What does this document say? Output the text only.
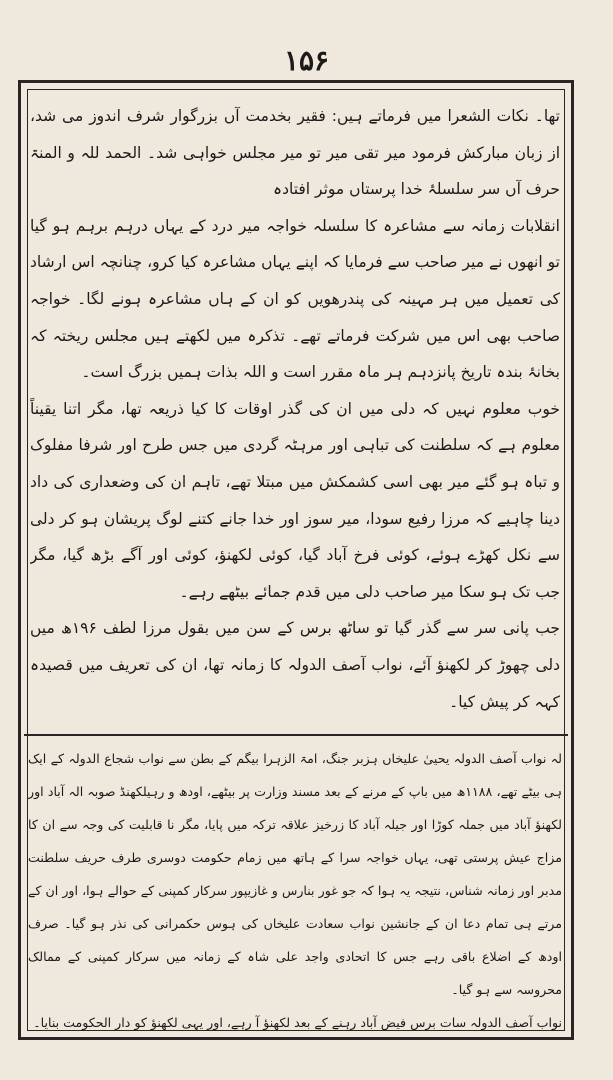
۱۵۶

تھا۔ نکات الشعرا میں فرماتے ہیں: فقیر بخدمت آں بزرگوار شرف اندوز می شد، از زبان مبارکش فرمود میر تقی میر تو میر مجلس خواہی شد۔ الحمد للہ و المنۃ حرف آں سر سلسلۂ خدا پرستاں موثر افتادہ

انقلابات زمانہ سے مشاعرہ کا سلسلہ خواجہ میر درد کے یہاں درہم برہم ہو گیا تو انھوں نے میر صاحب سے فرمایا کہ اپنے یہاں مشاعرہ کیا کرو، چنانچہ اس ارشاد کی تعمیل میں ہر مہینہ کی پندرھویں کو ان کے ہاں مشاعرہ ہونے لگا۔ خواجہ صاحب بھی اس میں شرکت فرماتے تھے۔ تذکرہ میں لکھتے ہیں مجلس ریختہ کہ بخانۂ بندہ تاریخ پانزدہم ہر ماہ مقرر است و اللہ بذات ہمیں بزرگ است۔

خوب معلوم نہیں کہ دلی میں ان کی گذر اوقات کا کیا ذریعہ تھا، مگر اتنا یقیناً معلوم ہے کہ سلطنت کی تباہی اور مرہٹہ گردی میں جس طرح اور شرفا مفلوک و تباہ ہو گئے میر بھی اسی کشمکش میں مبتلا تھے، تاہم ان کی وضعداری کی داد دینا چاہیے کہ مرزا رفیع سودا، میر سوز اور خدا جانے کتنے لوگ پریشان ہو کر دلی سے نکل کھڑے ہوئے، کوئی فرخ آباد گیا، کوئی لکھنؤ، کوئی اور آگے بڑھ گیا، مگر جب تک ہو سکا میر صاحب دلی میں قدم جمائے بیٹھے رہے۔

جب پانی سر سے گذر گیا تو ساٹھ برس کے سن میں بقول مرزا لطف ۱۹۶ھ میں دلی چھوڑ کر لکھنؤ آئے، نواب آصف الدولہ کا زمانہ تھا، ان کی تعریف میں قصیدہ کہہ کر پیش کیا۔

لہ نواب آصف الدولہ یحییٰ علیخاں ہزبر جنگ، امۃ الزہرا بیگم کے بطن سے نواب شجاع الدولہ کے ایک ہی بیٹے تھے، ۱۱۸۸ھ میں باپ کے مرنے کے بعد مسند وزارت پر بیٹھے، اودھ و رہیلکھنڈ صوبہ الہ آباد اور لکھنؤ آباد میں جملہ کوڑا اور جیلہ آباد کا زرخیز علاقہ ترکہ میں پایا، مگر نا قابلیت کی وجہ سے ان کا مزاج عیش پرستی تھی، یہاں خواجہ سرا کے ہاتھ میں زمام حکومت دوسری طرف حریف سلطنت مدبر اور زمانہ شناس، نتیجہ یہ ہوا کہ جو غور بنارس و غازیپور سرکار کمپنی کے حوالے ہوا، اور ان کے مرتے ہی تمام دعا ان کے جانشین نواب سعادت علیخاں کی ہوس حکمرانی کی نذر ہو گیا۔ صرف اودھ کے اضلاع باقی رہے جس کا اتحادی واجد علی شاہ کے زمانہ میں سرکار کمپنی کے ممالک محروسہ سے ہو گیا۔

نواب آصف الدولہ سات برس فیض آباد رہنے کے بعد لکھنؤ آ رہے، اور یہی لکھنؤ کو دار الحکومت بنایا۔
